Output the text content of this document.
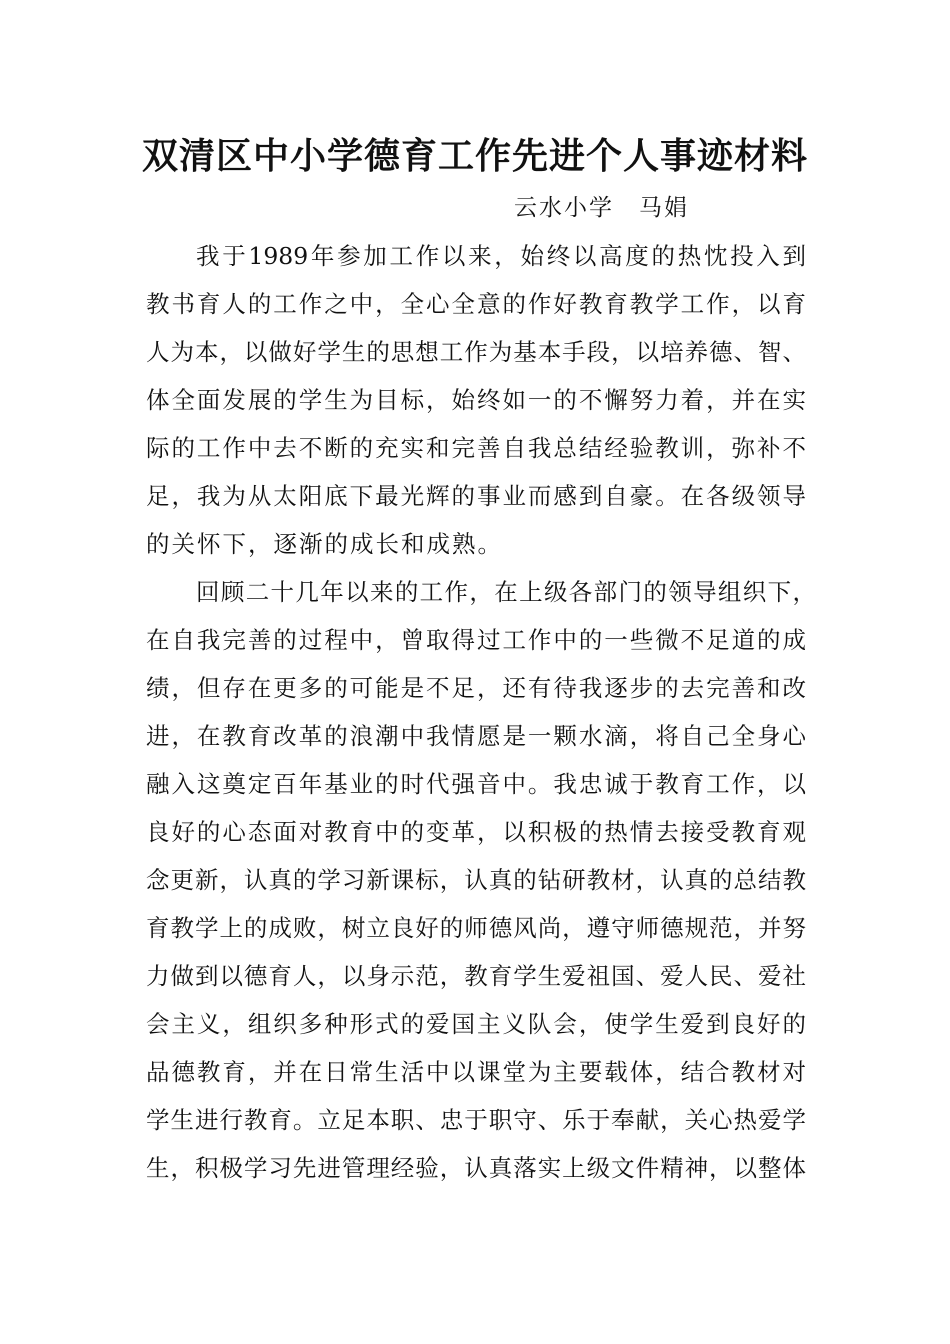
双清区中小学德育工作先进个人事迹材料
云水小学　马娟
我于1989年参加工作以来，始终以高度的热忱投入到
教书育人的工作之中，全心全意的作好教育教学工作，以育
人为本，以做好学生的思想工作为基本手段，以培养德、智、
体全面发展的学生为目标，始终如一的不懈努力着，并在实
际的工作中去不断的充实和完善自我总结经验教训，弥补不
足，我为从太阳底下最光辉的事业而感到自豪。在各级领导
的关怀下，逐渐的成长和成熟。
回顾二十几年以来的工作，在上级各部门的领导组织下，
在自我完善的过程中，曾取得过工作中的一些微不足道的成
绩，但存在更多的可能是不足，还有待我逐步的去完善和改
进，在教育改革的浪潮中我情愿是一颗水滴，将自己全身心
融入这奠定百年基业的时代强音中。我忠诚于教育工作，以
良好的心态面对教育中的变革，以积极的热情去接受教育观
念更新，认真的学习新课标，认真的钻研教材，认真的总结教
育教学上的成败，树立良好的师德风尚，遵守师德规范，并努
力做到以德育人，以身示范，教育学生爱祖国、爱人民、爱社
会主义，组织多种形式的爱国主义队会，使学生爱到良好的
品德教育，并在日常生活中以课堂为主要载体，结合教材对
学生进行教育。立足本职、忠于职守、乐于奉献，关心热爱学
生，积极学习先进管理经验，认真落实上级文件精神，以整体
